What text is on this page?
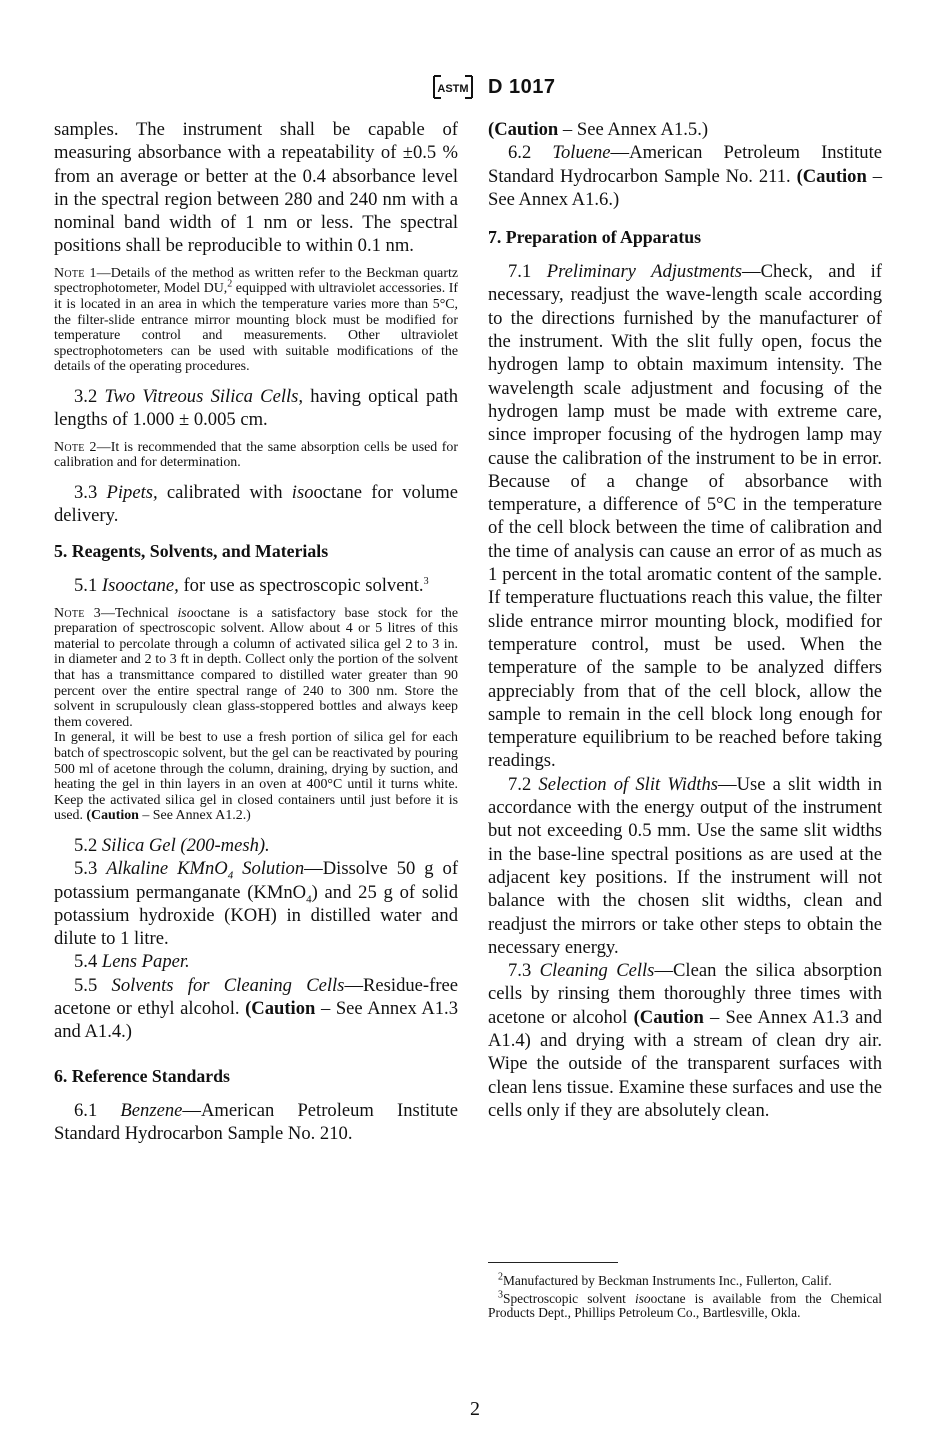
ASTM D 1017

samples. The instrument shall be capable of measuring absorbance with a repeatability of ±0.5 % from an average or better at the 0.4 absorbance level in the spectral region between 280 and 240 nm with a nominal band width of 1 nm or less. The spectral positions shall be reproducible to within 0.1 nm.

Note 1—Details of the method as written refer to the Beckman quartz spectrophotometer, Model DU,$^2$ equipped with ultraviolet accessories. If it is located in an area in which the temperature varies more than 5°C, the filter-slide entrance mirror mounting block must be modified for temperature control and measurements. Other ultraviolet spectrophotometers can be used with suitable modifications of the details of the operating procedures.

3.2 Two Vitreous Silica Cells, having optical path lengths of 1.000 ± 0.005 cm.

Note 2—It is recommended that the same absorption cells be used for calibration and for determination.

3.3 Pipets, calibrated with isooctane for volume delivery.

5. Reagents, Solvents, and Materials

5.1 Isooctane, for use as spectroscopic solvent.$^3$

Note 3—Technical isooctane is a satisfactory base stock for the preparation of spectroscopic solvent. Allow about 4 or 5 litres of this material to percolate through a column of activated silica gel 2 to 3 in. in diameter and 2 to 3 ft in depth. Collect only the portion of the solvent that has a transmittance compared to distilled water greater than 90 percent over the entire spectral range of 240 to 300 nm. Store the solvent in scrupulously clean glass-stoppered bottles and always keep them covered.

In general, it will be best to use a fresh portion of silica gel for each batch of spectroscopic solvent, but the gel can be reactivated by pouring 500 ml of acetone through the column, draining, drying by suction, and heating the gel in thin layers in an oven at 400°C until it turns white. Keep the activated silica gel in closed containers until just before it is used. (Caution – See Annex A1.2.)

5.2 Silica Gel (200-mesh).

5.3 Alkaline KMnO$_4$ Solution—Dissolve 50 g of potassium permanganate (KMnO$_4$) and 25 g of solid potassium hydroxide (KOH) in distilled water and dilute to 1 litre.

5.4 Lens Paper.

5.5 Solvents for Cleaning Cells—Residue-free acetone or ethyl alcohol. (Caution – See Annex A1.3 and A1.4.)

6. Reference Standards

6.1 Benzene—American Petroleum Institute Standard Hydrocarbon Sample No. 210.

(Caution – See Annex A1.5.)

6.2 Toluene—American Petroleum Institute Standard Hydrocarbon Sample No. 211. (Caution – See Annex A1.6.)

7. Preparation of Apparatus

7.1 Preliminary Adjustments—Check, and if necessary, readjust the wave-length scale according to the directions furnished by the manufacturer of the instrument. With the slit fully open, focus the hydrogen lamp to obtain maximum intensity. The wavelength scale adjustment and focusing of the hydrogen lamp must be made with extreme care, since improper focusing of the hydrogen lamp may cause the calibration of the instrument to be in error. Because of a change of absorbance with temperature, a difference of 5°C in the temperature of the cell block between the time of calibration and the time of analysis can cause an error of as much as 1 percent in the total aromatic content of the sample. If temperature fluctuations reach this value, the filter slide entrance mirror mounting block, modified for temperature control, must be used. When the temperature of the sample to be analyzed differs appreciably from that of the cell block, allow the sample to remain in the cell block long enough for temperature equilibrium to be reached before taking readings.

7.2 Selection of Slit Widths—Use a slit width in accordance with the energy output of the instrument but not exceeding 0.5 mm. Use the same slit widths in the base-line spectral positions as are used at the adjacent key positions. If the instrument will not balance with the chosen slit widths, clean and readjust the mirrors or take other steps to obtain the necessary energy.

7.3 Cleaning Cells—Clean the silica absorption cells by rinsing them thoroughly three times with acetone or alcohol (Caution – See Annex A1.3 and A1.4) and drying with a stream of clean dry air. Wipe the outside of the transparent surfaces with clean lens tissue. Examine these surfaces and use the cells only if they are absolutely clean.

$^2$Manufactured by Beckman Instruments Inc., Fullerton, Calif.

$^3$Spectroscopic solvent isooctane is available from the Chemical Products Dept., Phillips Petroleum Co., Bartlesville, Okla.

2
